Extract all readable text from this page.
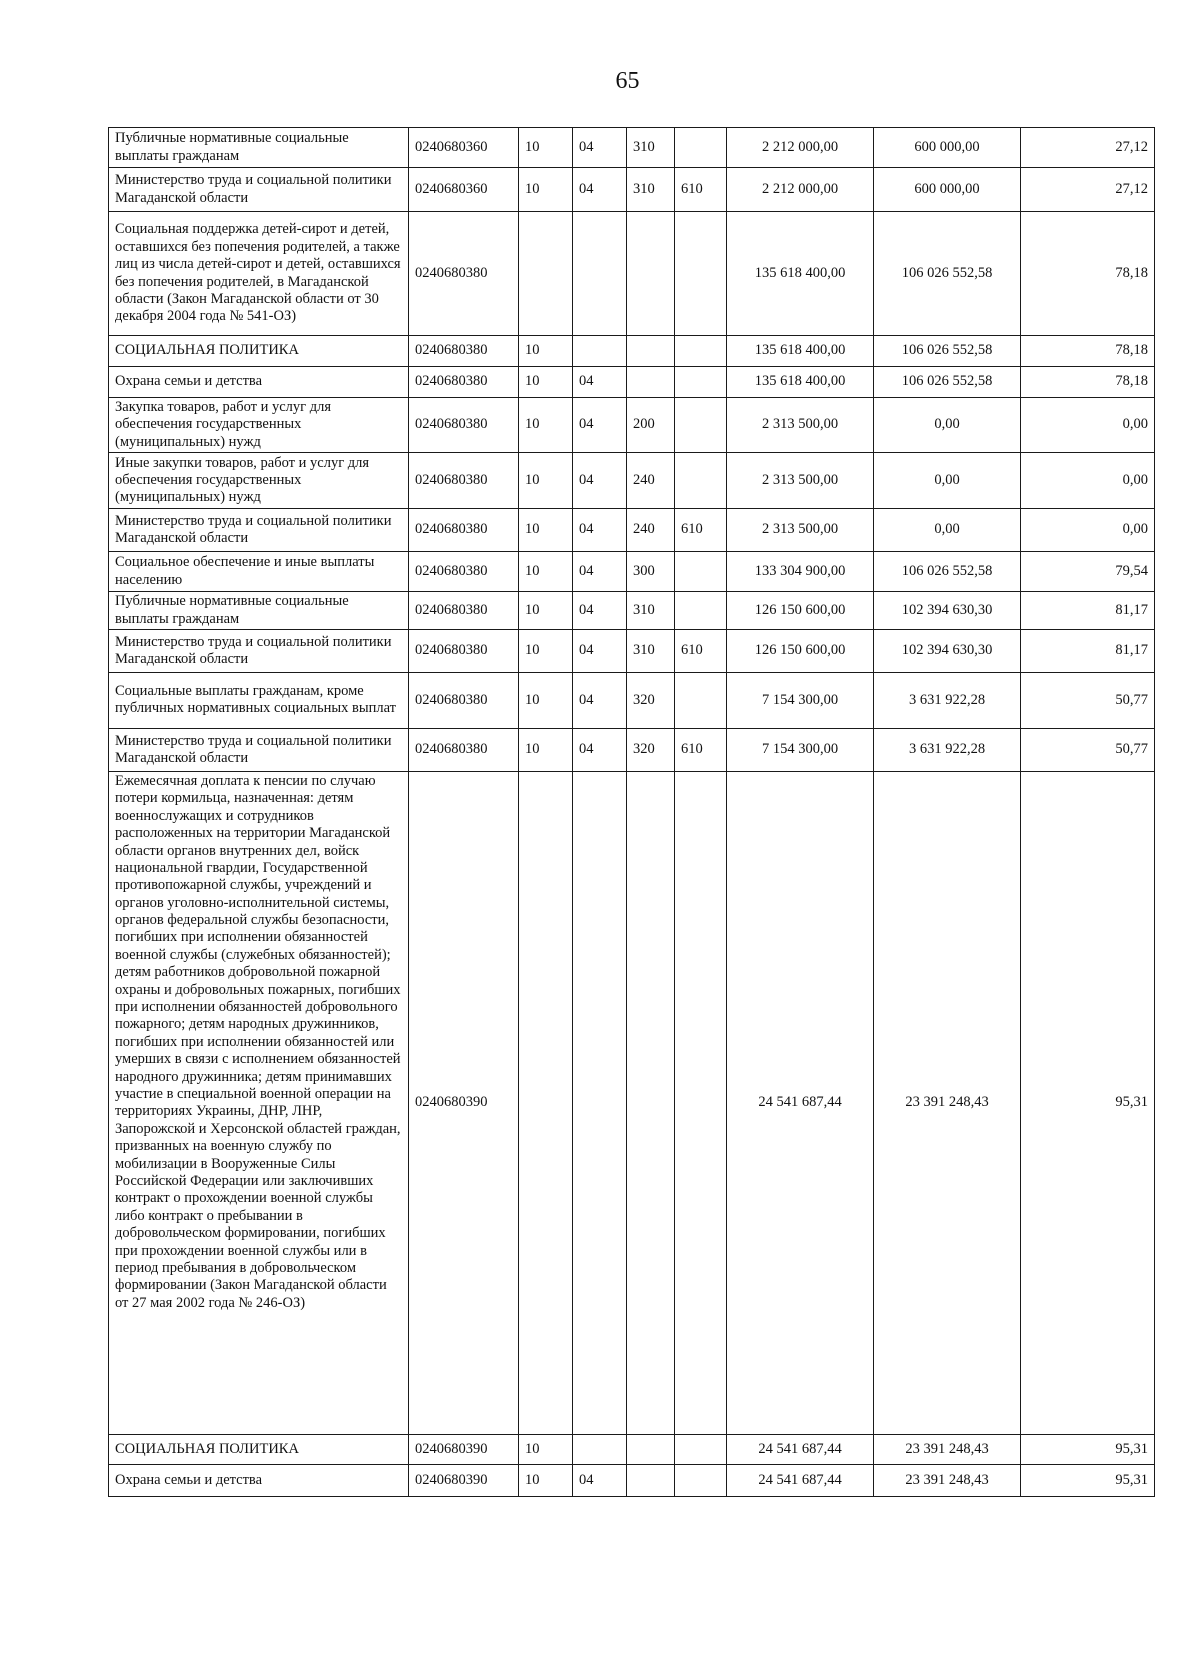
65
Публичные нормативные социальные выплаты гражданам	0240680360	10	04	310		2 212 000,00	600 000,00	27,12
Министерство труда и социальной политики Магаданской области	0240680360	10	04	310	610	2 212 000,00	600 000,00	27,12
Социальная поддержка детей-сирот и детей, оставшихся без попечения родителей, а также лиц из числа детей-сирот и детей, оставшихся без попечения родителей, в Магаданской области (Закон Магаданской области от 30 декабря 2004 года № 541-ОЗ)	0240680380					135 618 400,00	106 026 552,58	78,18
СОЦИАЛЬНАЯ ПОЛИТИКА	0240680380	10				135 618 400,00	106 026 552,58	78,18
Охрана семьи и детства	0240680380	10	04			135 618 400,00	106 026 552,58	78,18
Закупка товаров, работ и услуг для обеспечения государственных (муниципальных) нужд	0240680380	10	04	200		2 313 500,00	0,00	0,00
Иные закупки товаров, работ и услуг для обеспечения государственных (муниципальных) нужд	0240680380	10	04	240		2 313 500,00	0,00	0,00
Министерство труда и социальной политики Магаданской области	0240680380	10	04	240	610	2 313 500,00	0,00	0,00
Социальное обеспечение и иные выплаты населению	0240680380	10	04	300		133 304 900,00	106 026 552,58	79,54
Публичные нормативные социальные выплаты гражданам	0240680380	10	04	310		126 150 600,00	102 394 630,30	81,17
Министерство труда и социальной политики Магаданской области	0240680380	10	04	310	610	126 150 600,00	102 394 630,30	81,17
Социальные выплаты гражданам, кроме публичных нормативных социальных выплат	0240680380	10	04	320		7 154 300,00	3 631 922,28	50,77
Министерство труда и социальной политики Магаданской области	0240680380	10	04	320	610	7 154 300,00	3 631 922,28	50,77
Ежемесячная доплата к пенсии по случаю потери кормильца, назначенная: детям военнослужащих и сотрудников расположенных на территории Магаданской области органов внутренних дел, войск национальной гвардии, Государственной противопожарной службы, учреждений и органов уголовно-исполнительной системы, органов федеральной службы безопасности, погибших при исполнении обязанностей военной службы (служебных обязанностей); детям работников добровольной пожарной охраны и добровольных пожарных, погибших при исполнении обязанностей добровольного пожарного; детям народных дружинников, погибших при исполнении обязанностей или умерших в связи с исполнением обязанностей народного дружинника; детям принимавших участие в специальной военной операции на территориях Украины, ДНР, ЛНР, Запорожской и Херсонской областей граждан, призванных на военную службу по мобилизации в Вооруженные Силы Российской Федерации или заключивших контракт о прохождении военной службы либо контракт о пребывании в добровольческом формировании, погибших при прохождении военной службы или в период пребывания в добровольческом формировании (Закон Магаданской области от 27 мая 2002 года № 246-ОЗ)	0240680390					24 541 687,44	23 391 248,43	95,31
СОЦИАЛЬНАЯ ПОЛИТИКА	0240680390	10				24 541 687,44	23 391 248,43	95,31
Охрана семьи и детства	0240680390	10	04			24 541 687,44	23 391 248,43	95,31
